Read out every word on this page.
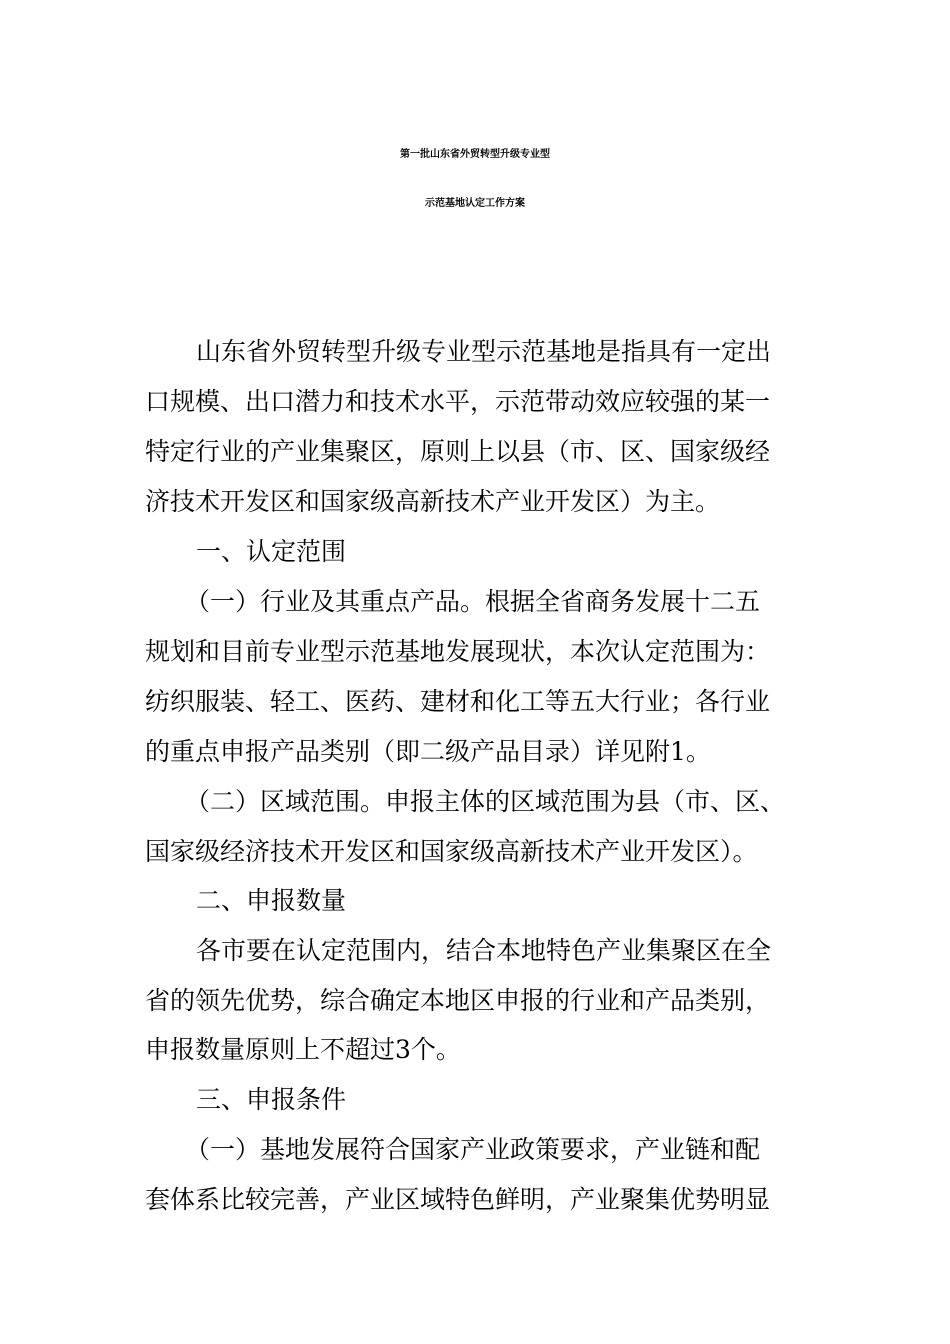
第一批山东省外贸转型升级专业型
示范基地认定工作方案

山东省外贸转型升级专业型示范基地是指具有一定出

口规模、出口潜力和技术水平，示范带动效应较强的某一

特定行业的产业集聚区，原则上以县（市、区、国家级经

济技术开发区和国家级高新技术产业开发区）为主。

一、认定范围

（一）行业及其重点产品。根据全省商务发展十二五

规划和目前专业型示范基地发展现状，本次认定范围为：

纺织服装、轻工、医药、建材和化工等五大行业；各行业

的重点申报产品类别（即二级产品目录）详见附1。

（二）区域范围。申报主体的区域范围为县（市、区、

国家级经济技术开发区和国家级高新技术产业开发区）。

二、申报数量

各市要在认定范围内，结合本地特色产业集聚区在全

省的领先优势，综合确定本地区申报的行业和产品类别，

申报数量原则上不超过3个。

三、申报条件

（一）基地发展符合国家产业政策要求，产业链和配

套体系比较完善，产业区域特色鲜明，产业聚集优势明显
